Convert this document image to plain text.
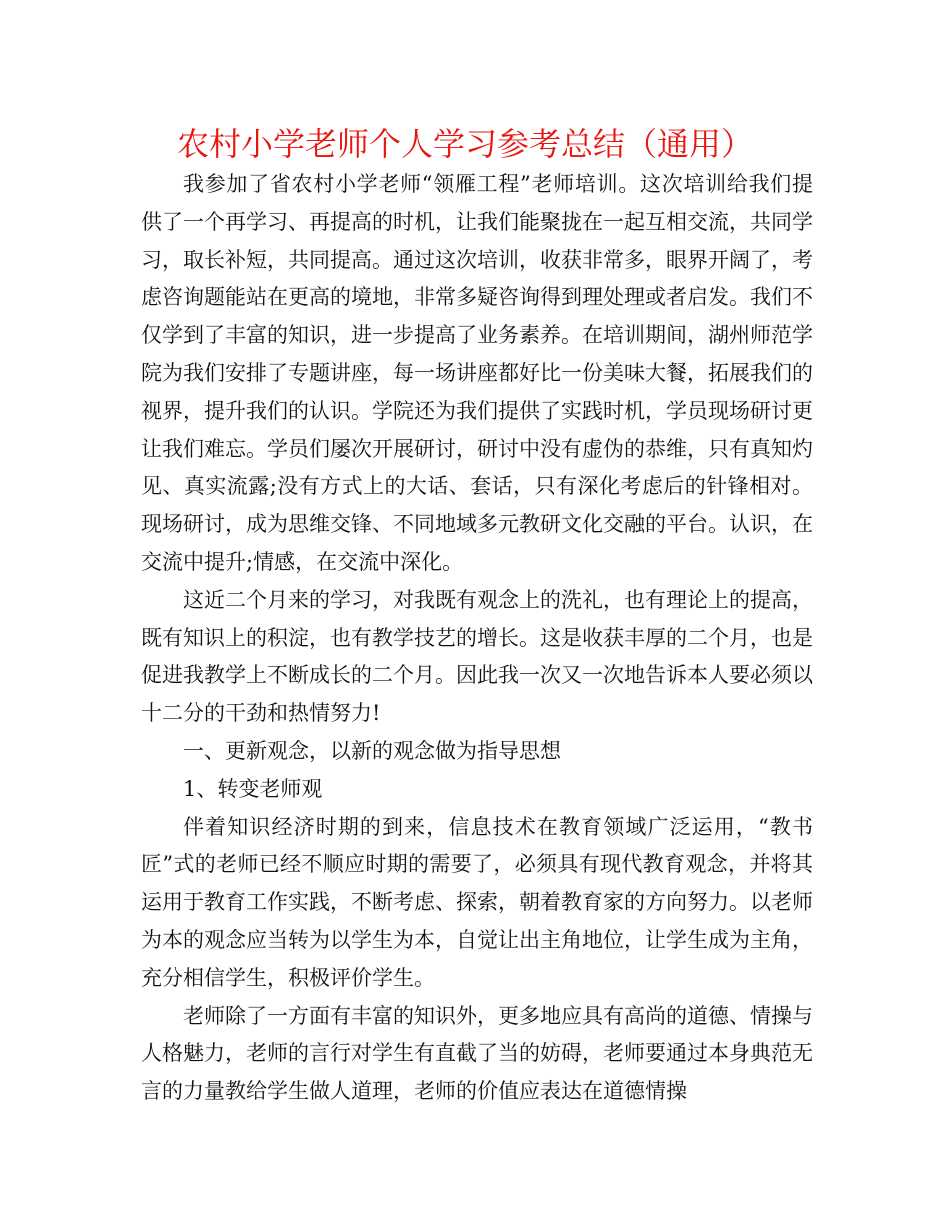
农村小学老师个人学习参考总结（通用）

我参加了省农村小学老师“领雁工程”老师培训。这次培训给我们提供了一个再学习、再提高的时机，让我们能聚拢在一起互相交流，共同学习，取长补短，共同提高。通过这次培训，收获非常多，眼界开阔了，考虑咨询题能站在更高的境地，非常多疑咨询得到理处理或者启发。我们不仅学到了丰富的知识，进一步提高了业务素养。在培训期间，湖州师范学院为我们安排了专题讲座，每一场讲座都好比一份美味大餐，拓展我们的视界，提升我们的认识。学院还为我们提供了实践时机，学员现场研讨更让我们难忘。学员们屡次开展研讨，研讨中没有虚伪的恭维，只有真知灼见、真实流露;没有方式上的大话、套话，只有深化考虑后的针锋相对。现场研讨，成为思维交锋、不同地域多元教研文化交融的平台。认识，在交流中提升;情感，在交流中深化。

这近二个月来的学习，对我既有观念上的洗礼，也有理论上的提高，既有知识上的积淀，也有教学技艺的增长。这是收获丰厚的二个月，也是促进我教学上不断成长的二个月。因此我一次又一次地告诉本人要必须以十二分的干劲和热情努力!

一、更新观念，以新的观念做为指导思想

1、转变老师观

伴着知识经济时期的到来，信息技术在教育领域广泛运用，“教书匠”式的老师已经不顺应时期的需要了，必须具有现代教育观念，并将其运用于教育工作实践，不断考虑、探索，朝着教育家的方向努力。以老师为本的观念应当转为以学生为本，自觉让出主角地位，让学生成为主角，充分相信学生，积极评价学生。

老师除了一方面有丰富的知识外，更多地应具有高尚的道德、情操与人格魅力，老师的言行对学生有直截了当的妨碍，老师要通过本身典范无言的力量教给学生做人道理，老师的价值应表达在道德情操
